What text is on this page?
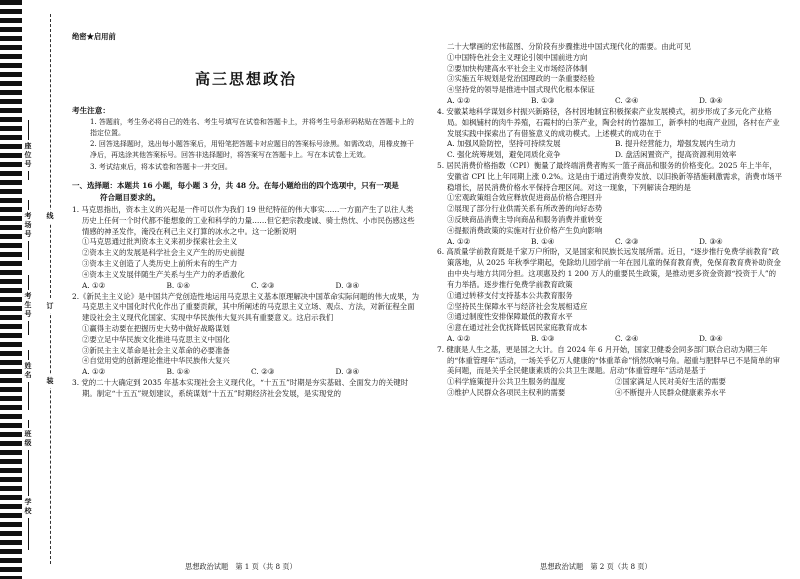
座位号
考场号
考生号
姓名
班级
学校
线
订
装
绝密★启用前
高三思想政治
考生注意：

1. 答题前，考生务必将自己的姓名、考生号填写在试卷和答题卡上，并将考生号条形码粘贴在答题卡上的指定位置。

2. 回答选择题时，选出每小题答案后，用铅笔把答题卡对应题目的答案标号涂黑。如需改动，用橡皮擦干净后，再选涂其他答案标号。回答非选择题时，将答案写在答题卡上。写在本试卷上无效。

3. 考试结束后，将本试卷和答题卡一并交回。

一、选择题：本题共 16 小题，每小题 3 分，共 48 分。在每小题给出的四个选项中，只有一项是
符合题目要求的。
1. 马克思指出，资本主义的兴起是一件可以作为我们 19 世纪特征的伟大事实……一方面产生了以往人类历史上任何一个时代都不能想象的工业和科学的力量……但它把宗教虔诚、骑士热忱、小市民伤感这些情感的神圣发作，淹没在利己主义打算的冰水之中。这一论断说明
①马克思通过批判资本主义来初步探索社会主义
②资本主义的发展是科学社会主义产生的历史前提
③资本主义创造了人类历史上前所未有的生产力
④资本主义发展伴随生产关系与生产力的矛盾激化
A. ①②	B. ①④	C. ②③	D. ③④
2.《新民主主义论》是中国共产党创造性地运用马克思主义基本原理解决中国革命实际问题的伟大成果，为马克思主义中国化时代化作出了重要贡献，其中所阐述的马克思主义立场、观点、方法，对新征程全面建设社会主义现代化国家、实现中华民族伟大复兴具有重要意义。这启示我们
①赢得主动要在把握历史大势中做好战略谋划
②要立足中华民族文化推进马克思主义中国化
③新民主主义革命是社会主义革命的必要准备
④自觉用党的创新理论推进中华民族伟大复兴
A. ①②	B. ①④	C. ②③	D. ③④
3. 党的二十大确定到 2035 年基本实现社会主义现代化，“十五五”时期是夯实基础、全面发力的关键时期。制定“十五五”规划建议，系统谋划“十五五”时期经济社会发展，是实现党的
二十大擘画的宏伟蓝图、分阶段有步骤推进中国式现代化的需要。由此可见
①中国特色社会主义理论引领中国前进方向
②要加快构建高水平社会主义市场经济体制
③实施五年规划是党治国理政的一条重要经验
④坚持党的领导是推进中国式现代化根本保证
A. ①②	B. ①③	C. ②④	D. ③④
4. 安徽某地科学谋划乡村振兴新路径，各村因地制宜积极探索产业发展模式，初步形成了多元化产业格局。如枫铺村的肉牛养殖，石霞村的白茶产业，陶会村的竹器加工，新季村的电商产业园，各村在产业发展实践中探索出了有借鉴意义的成功模式。上述模式的成功在于
A. 加强风险防控，坚持可持续发展	B. 提升经营能力，增强发展内生动力
C. 强化统筹规划，避免同质化竞争	D. 盘活闲置资产，提高资源利用效率
5. 居民消费价格指数（CPI）衡量了最终端消费者购买一篮子商品和服务的价格变化。2025 年上半年，安徽省 CPI 比上年同期上涨 0.2%。这是由于通过消费券发放、以旧换新等措施刺激需求，消费市场平稳增长，居民消费价格水平保持合理区间。对这一现象，下列解读合理的是
①宏观政策组合效应释放促进商品价格合理回升
②展现了部分行业供需关系有所改善的向好态势
③反映商品消费主导向商品和服务消费并重转变
④提振消费政策的实施对行业价格产生负向影响
A. ①②	B. ①④	C. ②③	D. ③④
6. 高质量学前教育既是千家万户所盼，又是国家和民族长远发展所需。近日，“逐步推行免费学前教育”政策落地，从 2025 年秋季学期起，免除幼儿园学前一年在园儿童的保育教育费，免保育教育费补助资金由中央与地方共同分担。这项惠及约 1 200 万人的重要民生政策，是推动更多资金资源“投资于人”的有力举措。逐步推行免费学前教育政策
①通过转移支付支持基本公共教育服务
②坚持民生保障水平与经济社会发展相适应
③通过制度性安排保障最低的教育水平
④意在通过社会优抚降低居民家庭教育成本
A. ①②	B. ①③	C. ②④	D. ③④
7. 健康是人生之基，更是国之大计。自 2024 年 6 月开始，国家卫健委会同多部门联合启动为期三年的“体重管理年”活动，一场关乎亿万人健康的“体重革命”悄然吹响号角。超重与肥胖早已不是简单的审美问题，而是关乎全民健康素质的公共卫生课题。启动“体重管理年”活动是基于
①科学施策提升公共卫生服务的温度	②国家满足人民对美好生活的需要
③维护人民群众各项民主权利的需要	④不断提升人民群众健康素养水平
思想政治试题　第 1 页（共 8 页）	思想政治试题　第 2 页（共 8 页）
